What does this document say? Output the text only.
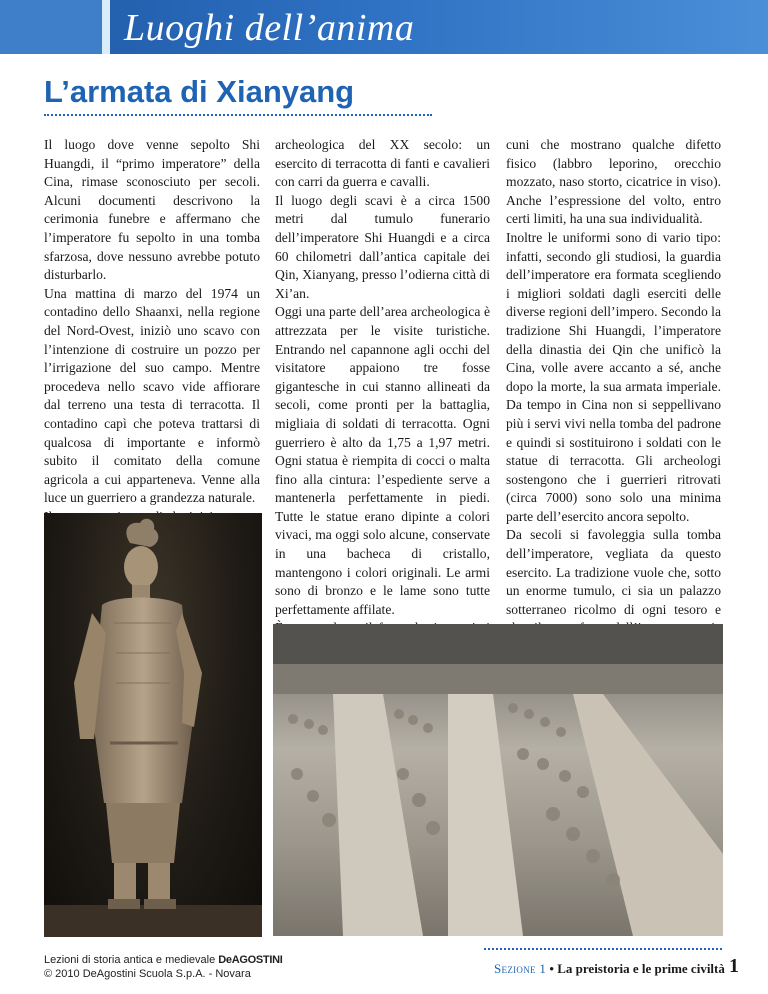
Luoghi dell’anima
L’armata di Xianyang

Il luogo dove venne sepolto Shi Huangdi, il “primo imperatore” della Cina, rimase sconosciuto per secoli. Alcuni documenti descrivono la cerimonia funebre e affermano che l’imperatore fu sepolto in una tomba sfarzosa, dove nessuno avrebbe potuto disturbarlo.

Una mattina di marzo del 1974 un contadino dello Shaanxi, nella regione del Nord-Ovest, iniziò uno scavo con l’intenzione di costruire un pozzo per l’irrigazione del suo campo. Mentre procedeva nello scavo vide affiorare dal terreno una testa di terracotta. Il contadino capì che poteva trattarsi di qualcosa di importante e informò subito il comitato della comune agricola a cui apparteneva. Venne alla luce un guerriero a grandezza naturale.

archeologica del XX secolo: un esercito di terracotta di fanti e cavalieri con carri da guerra e cavalli.

Il luogo degli scavi è a circa 1500 metri dal tumulo funerario dell’imperatore Shi Huangdi e a circa 60 chilometri dall’antica capitale dei Qin, Xianyang, presso l’odierna città di Xi’an.

Oggi una parte dell’area archeologica è attrezzata per le visite turistiche. Entrando nel capannone agli occhi del visitatore appaiono tre fosse gigantesche in cui stanno allineati da secoli, come pronti per la battaglia, migliaia di soldati di terracotta. Ogni guerriero è alto da 1,75 a 1,97 metri. Ogni statua è riempita di cocci o malta fino alla cintura: l’espediente serve a mantenerla perfettamente in piedi. Tutte le statue erano dipinte a colori vivaci, ma oggi solo alcune, conservate in una bacheca di cristallo, mantengono i colori originali. Le armi sono di bronzo e le lame sono tutte perfettamente affilate.

cuni che mostrano qualche difetto fisico (labbro leporino, orecchio mozzato, naso storto, cicatrice in viso). Anche l’espressione del volto, entro certi limiti, ha una sua individualità.

Inoltre le uniformi sono di vario tipo: infatti, secondo gli studiosi, la guardia dell’imperatore era formata scegliendo i migliori soldati dagli eserciti delle diverse regioni dell’impero. Secondo la tradizione Shi Huangdi, l’imperatore della dinastia dei Qin che unificò la Cina, volle avere accanto a sé, anche dopo la morte, la sua armata imperiale. Da tempo in Cina non si seppellivano più i servi vivi nella tomba del padrone e quindi si sostituirono i soldati con le statue di terracotta. Gli archeologi sostengono che i guerrieri ritrovati (circa 7000) sono solo una minima parte dell’esercito ancora sepolto.

Da secoli si favoleggia sulla tomba dell’imperatore, vegliata da questo esercito. La tradizione vuole che, sotto un enorme tumulo, ci sia un palazzo sotterraneo ricolmo di ogni tesoro e

Lezioni di storia antica e medievale DeAGOSTINI
© 2010 DeAgostini Scuola S.p.A. - Novara	Sezione 1 • La preistoria e le prime civiltà 1
